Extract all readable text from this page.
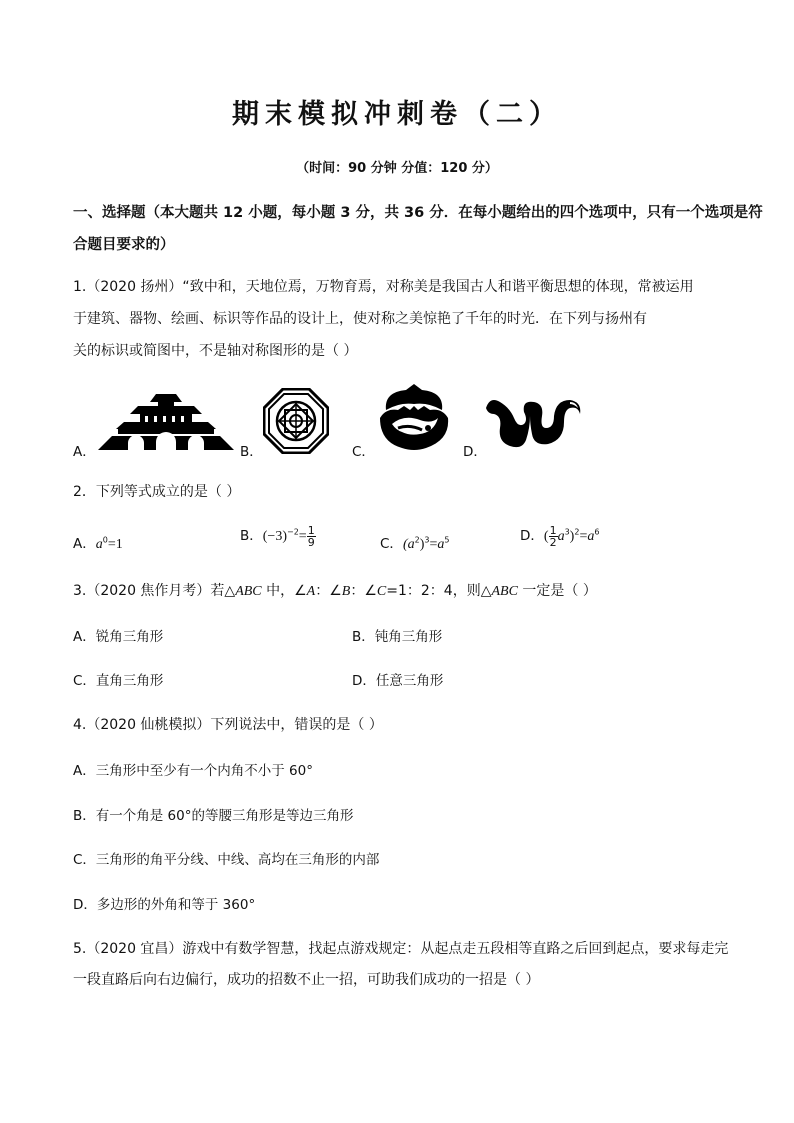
期末模拟冲刺卷（二）
（时间：90 分钟 分值：120 分）
一、选择题（本大题共 12 小题，每小题 3 分，共 36 分．在每小题给出的四个选项中，只有一个选项是符
合题目要求的）
1.（2020 扬州）“致中和，天地位焉，万物育焉，对称美是我国古人和谐平衡思想的体现，常被运用
于建筑、器物、绘画、标识等作品的设计上，使对称之美惊艳了千年的时光．在下列与扬州有
关的标识或简图中，不是轴对称图形的是（ ）
A．	B．	C．	D．
2．下列等式成立的是（ ）
A．$a^0=1$
B．$(-3)^{-2}= \frac{1}{9}$	C．$(a^2)^3=a^5$	D．( $\frac{1}{2} a^3)^2=a^6$
3.（2020 焦作月考）若△ABC 中，∠A：∠B：∠C=1：2：4，则△ABC 一定是（ ）
A．锐角三角形	B．钝角三角形
C．直角三角形	D．任意三角形
4.（2020 仙桃模拟）下列说法中，错误的是（ ）
A．三角形中至少有一个内角不小于 60°
B．有一个角是 60°的等腰三角形是等边三角形
C．三角形的角平分线、中线、高均在三角形的内部
D．多边形的外角和等于 360°
5.（2020 宜昌）游戏中有数学智慧，找起点游戏规定：从起点走五段相等直路之后回到起点，要求每走完
一段直路后向右边偏行，成功的招数不止一招，可助我们成功的一招是（ ）
